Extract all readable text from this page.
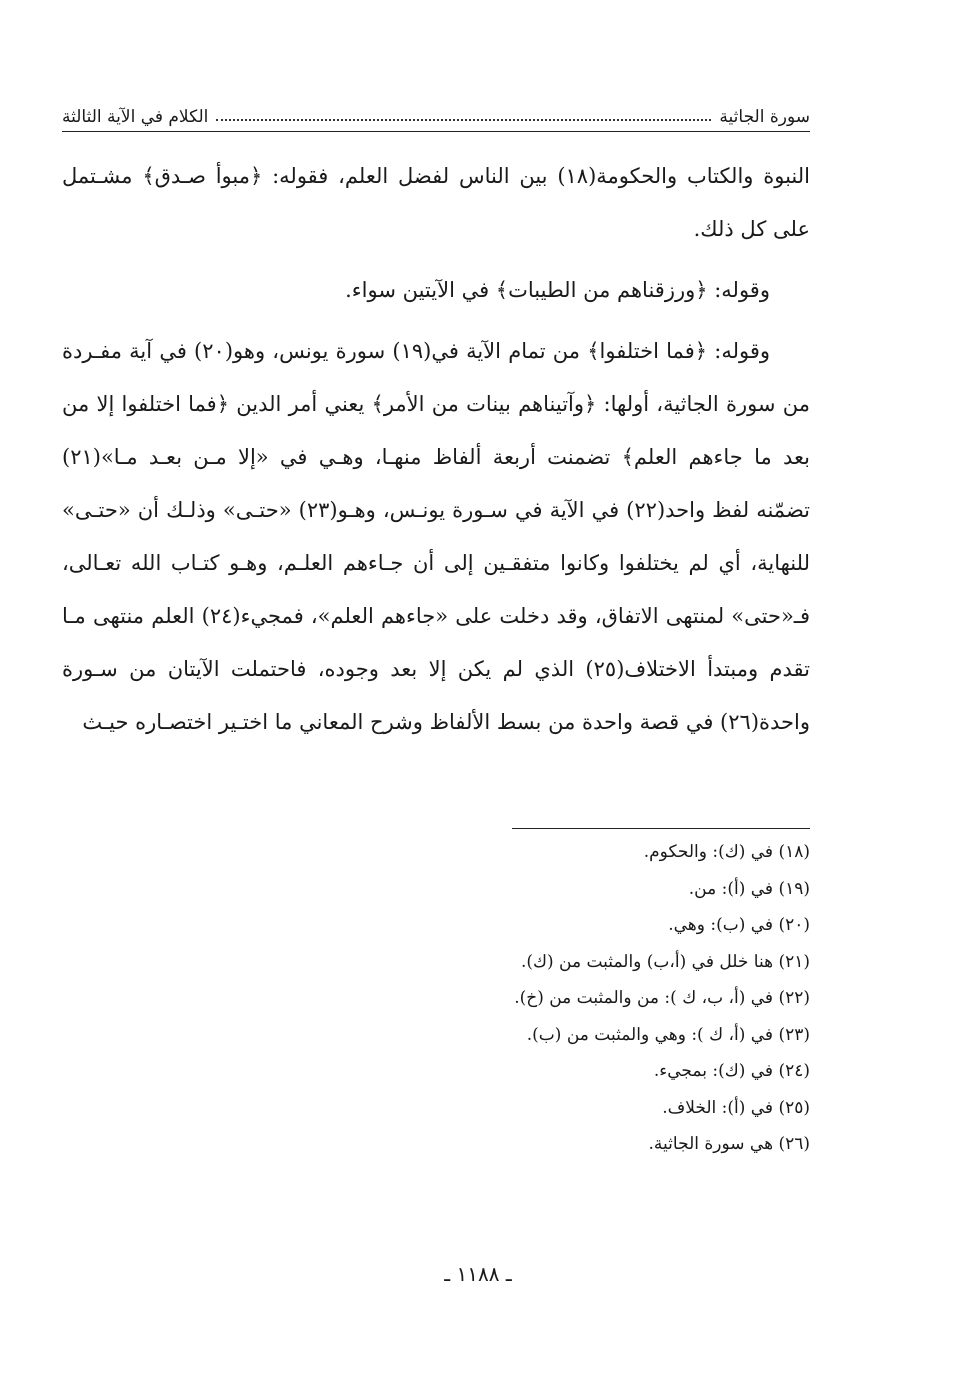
سورة الجاثية
الكلام في الآية الثالثة

النبوة والكتاب والحكومة(١٨) بين الناس لفضل العلم، فقوله: ﴿مبوأ صـدق﴾ مشـتمل على كل ذلك.

وقوله: ﴿ورزقناهم من الطيبات﴾ في الآيتين سواء.

وقوله: ﴿فما اختلفوا﴾ من تمام الآية في(١٩) سورة يونس، وهو(٢٠) في آية مفـردة من سورة الجاثية، أولها: ﴿وآتيناهم بينات من الأمر﴾ يعني أمر الدين ﴿فما اختلفوا إلا من بعد ما جاءهم العلم﴾ تضمنت أربعة ألفاظ منهـا، وهـي في «إلا مـن بعـد مـا»(٢١) تضمّنه لفظ واحد(٢٢) في الآية في سـورة يونـس، وهـو(٢٣) «حتـى» وذلـك أن «حتـى» للنهاية، أي لم يختلفوا وكانوا متفقـين إلى أن جـاءهم العلـم، وهـو كتـاب الله تعـالى، فـ«حتى» لمنتهى الاتفاق، وقد دخلت على «جاءهم العلم»، فمجيء(٢٤) العلم منتهى مـا تقدم ومبتدأ الاختلاف(٢٥) الذي لم يكن إلا بعد وجوده، فاحتملت الآيتان من سـورة واحدة(٢٦) في قصة واحدة من بسط الألفاظ وشرح المعاني ما اختـير اختصـاره حيـث

(١٨) في (ك): والحكوم.
(١٩) في (أ): من.
(٢٠) في (ب): وهي.
(٢١) هنا خلل في (أ،ب) والمثبت من (ك).
(٢٢) في (أ، ب، ك ): من والمثبت من (خ).
(٢٣) في (أ، ك ): وهي والمثبت من (ب).
(٢٤) في (ك): بمجيء.
(٢٥) في (أ): الخلاف.
(٢٦) هي سورة الجاثية.
ـ ١١٨٨ ـ
